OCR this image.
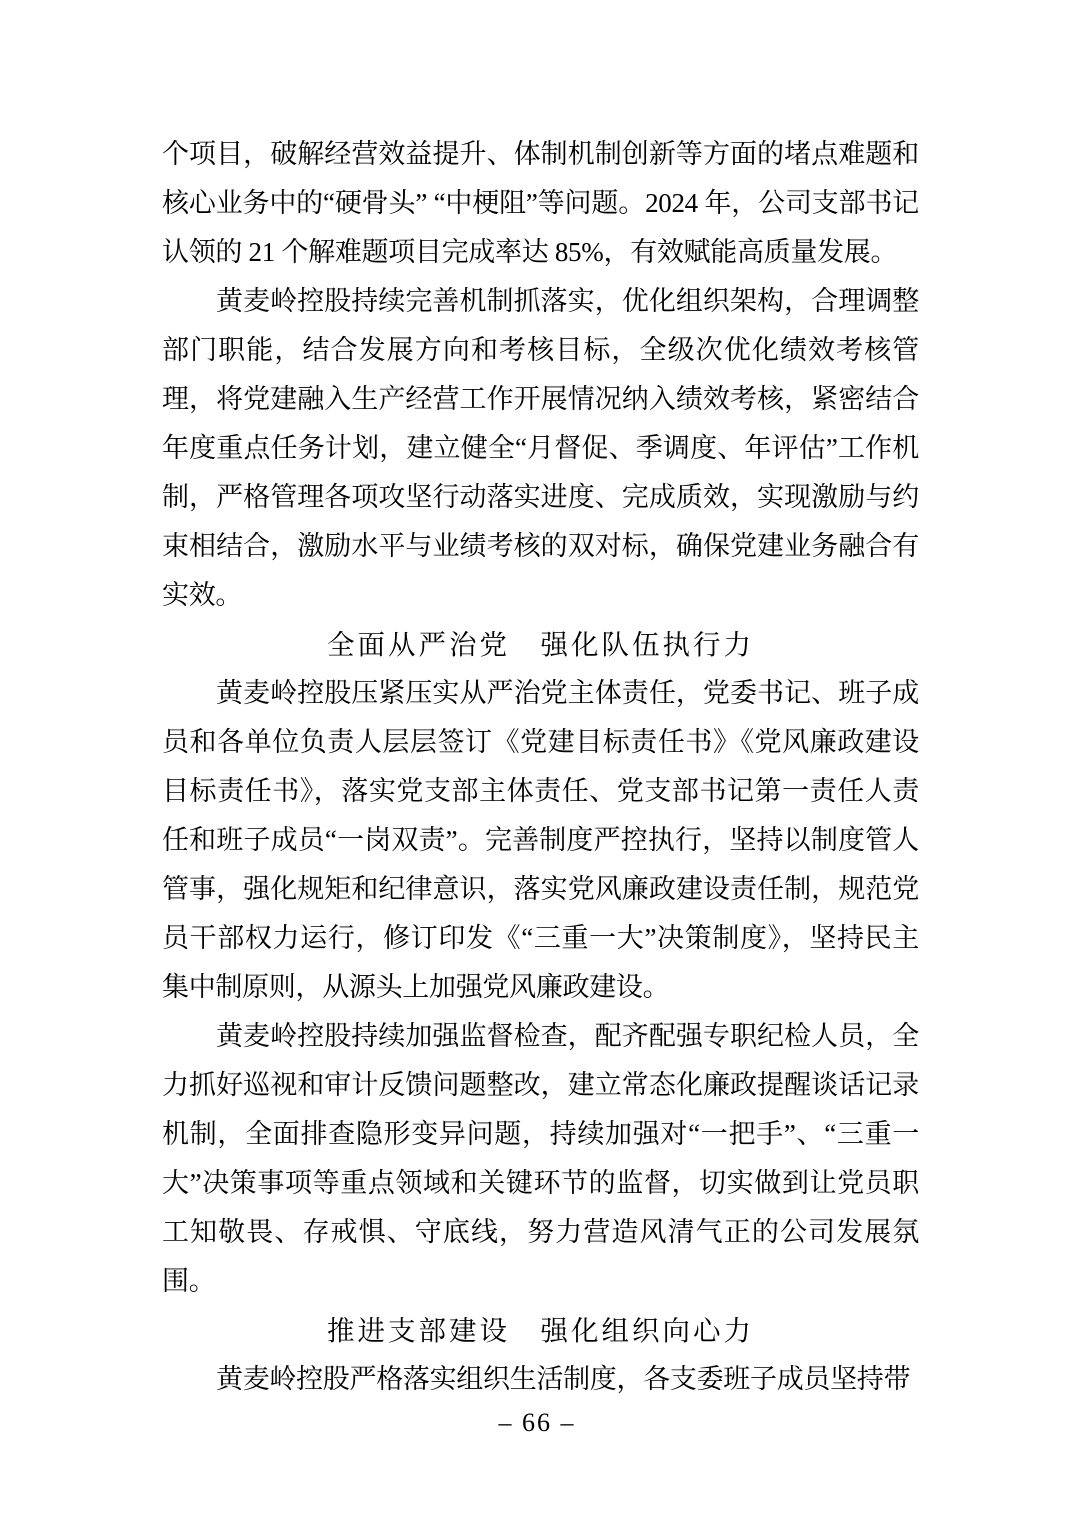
个项目，破解经营效益提升、体制机制创新等方面的堵点难题和核心业务中的“硬骨头” “中梗阻”等问题。2024 年，公司支部书记认领的 21 个解难题项目完成率达 85%，有效赋能高质量发展。

黄麦岭控股持续完善机制抓落实，优化组织架构，合理调整部门职能，结合发展方向和考核目标，全级次优化绩效考核管理，将党建融入生产经营工作开展情况纳入绩效考核，紧密结合年度重点任务计划，建立健全“月督促、季调度、年评估”工作机制，严格管理各项攻坚行动落实进度、完成质效，实现激励与约束相结合，激励水平与业绩考核的双对标，确保党建业务融合有实效。

全面从严治党　强化队伍执行力

黄麦岭控股压紧压实从严治党主体责任，党委书记、班子成员和各单位负责人层层签订《党建目标责任书》《党风廉政建设目标责任书》，落实党支部主体责任、党支部书记第一责任人责任和班子成员“一岗双责”。完善制度严控执行，坚持以制度管人管事，强化规矩和纪律意识，落实党风廉政建设责任制，规范党员干部权力运行，修订印发《“三重一大”决策制度》，坚持民主集中制原则，从源头上加强党风廉政建设。

黄麦岭控股持续加强监督检查，配齐配强专职纪检人员，全力抓好巡视和审计反馈问题整改，建立常态化廉政提醒谈话记录机制，全面排查隐形变异问题，持续加强对“一把手”、“三重一大”决策事项等重点领域和关键环节的监督，切实做到让党员职工知敬畏、存戒惧、守底线，努力营造风清气正的公司发展氛围。

推进支部建设　强化组织向心力

黄麦岭控股严格落实组织生活制度，各支委班子成员坚持带

– 66 –
